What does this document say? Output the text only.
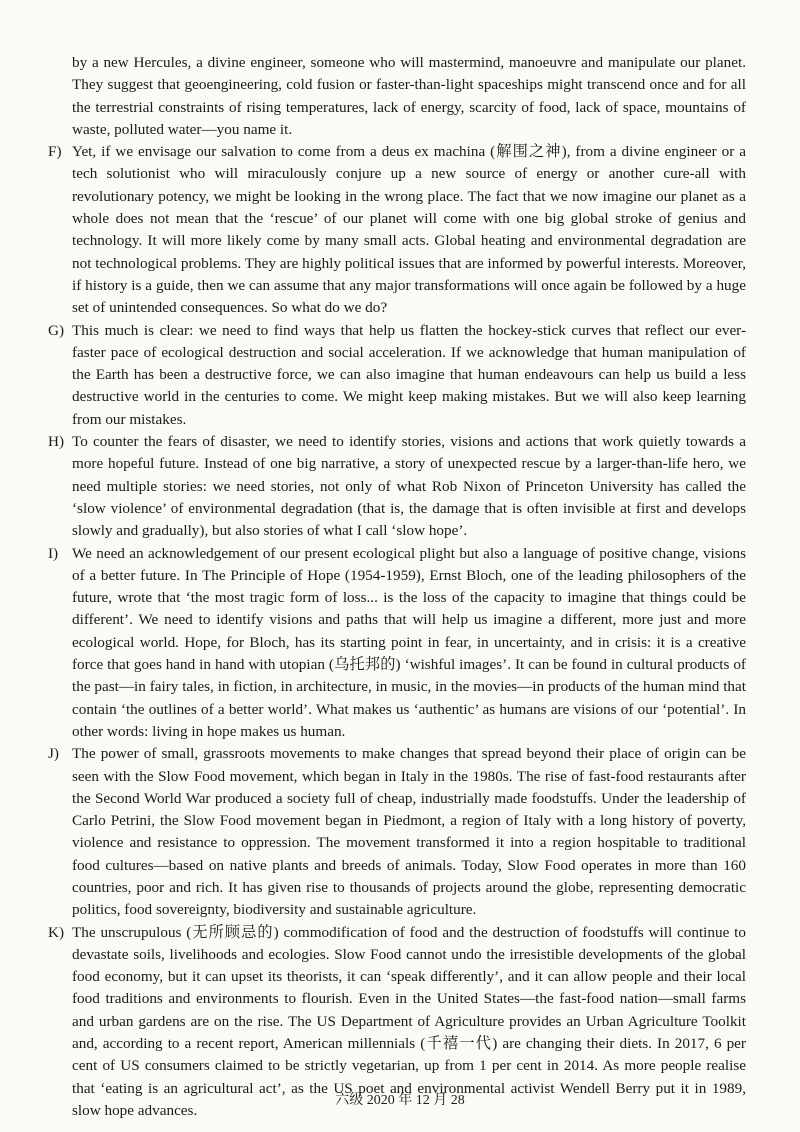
by a new Hercules, a divine engineer, someone who will mastermind, manoeuvre and manipulate our planet. They suggest that geoengineering, cold fusion or faster-than-light spaceships might transcend once and for all the terrestrial constraints of rising temperatures, lack of energy, scarcity of food, lack of space, mountains of waste, polluted water—you name it.
F) Yet, if we envisage our salvation to come from a deus ex machina (解围之神), from a divine engineer or a tech solutionist who will miraculously conjure up a new source of energy or another cure-all with revolutionary potency, we might be looking in the wrong place. The fact that we now imagine our planet as a whole does not mean that the ‘rescue’ of our planet will come with one big global stroke of genius and technology. It will more likely come by many small acts. Global heating and environmental degradation are not technological problems. They are highly political issues that are informed by powerful interests. Moreover, if history is a guide, then we can assume that any major transformations will once again be followed by a huge set of unintended consequences. So what do we do?
G) This much is clear: we need to find ways that help us flatten the hockey-stick curves that reflect our ever-faster pace of ecological destruction and social acceleration. If we acknowledge that human manipulation of the Earth has been a destructive force, we can also imagine that human endeavours can help us build a less destructive world in the centuries to come. We might keep making mistakes. But we will also keep learning from our mistakes.
H) To counter the fears of disaster, we need to identify stories, visions and actions that work quietly towards a more hopeful future. Instead of one big narrative, a story of unexpected rescue by a larger-than-life hero, we need multiple stories: we need stories, not only of what Rob Nixon of Princeton University has called the ‘slow violence’ of environmental degradation (that is, the damage that is often invisible at first and develops slowly and gradually), but also stories of what I call ‘slow hope’.
I) We need an acknowledgement of our present ecological plight but also a language of positive change, visions of a better future. In The Principle of Hope (1954-1959), Ernst Bloch, one of the leading philosophers of the future, wrote that ‘the most tragic form of loss... is the loss of the capacity to imagine that things could be different’. We need to identify visions and paths that will help us imagine a different, more just and more ecological world. Hope, for Bloch, has its starting point in fear, in uncertainty, and in crisis: it is a creative force that goes hand in hand with utopian (乌托邦的) ‘wishful images’. It can be found in cultural products of the past—in fairy tales, in fiction, in architecture, in music, in the movies—in products of the human mind that contain ‘the outlines of a better world’. What makes us ‘authentic’ as humans are visions of our ‘potential’. In other words: living in hope makes us human.
J) The power of small, grassroots movements to make changes that spread beyond their place of origin can be seen with the Slow Food movement, which began in Italy in the 1980s. The rise of fast-food restaurants after the Second World War produced a society full of cheap, industrially made foodstuffs. Under the leadership of Carlo Petrini, the Slow Food movement began in Piedmont, a region of Italy with a long history of poverty, violence and resistance to oppression. The movement transformed it into a region hospitable to traditional food cultures—based on native plants and breeds of animals. Today, Slow Food operates in more than 160 countries, poor and rich. It has given rise to thousands of projects around the globe, representing democratic politics, food sovereignty, biodiversity and sustainable agriculture.
K) The unscrupulous (无所顾忌的) commodification of food and the destruction of foodstuffs will continue to devastate soils, livelihoods and ecologies. Slow Food cannot undo the irresistible developments of the global food economy, but it can upset its theorists, it can ‘speak differently’, and it can allow people and their local food traditions and environments to flourish. Even in the United States—the fast-food nation—small farms and urban gardens are on the rise. The US Department of Agriculture provides an Urban Agriculture Toolkit and, according to a recent report, American millennials (千禧一代) are changing their diets. In 2017, 6 per cent of US consumers claimed to be strictly vegetarian, up from 1 per cent in 2014. As more people realise that ‘eating is an agricultural act’, as the US poet and environmental activist Wendell Berry put it in 1989, slow hope advances.
六级 2020 年 12 月 28
